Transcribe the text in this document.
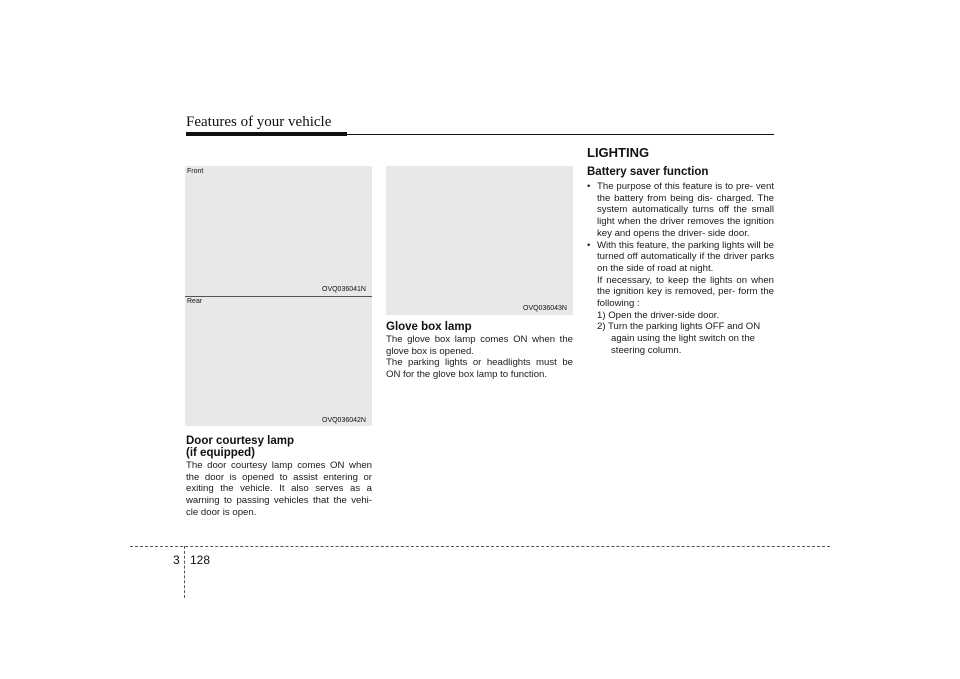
Features of your vehicle
Front
OVQ036041N
Rear
OVQ036042N
Door courtesy lamp
(if equipped)

The door courtesy lamp comes ON when the door is opened to assist entering or exiting the vehicle. It also serves as a warning to passing vehicles that the vehi- cle door is open.

OVQ036043N
Glove box lamp

The glove box lamp comes ON when the glove box is opened.

The parking lights or headlights must be ON for the glove box lamp to function.

LIGHTING
Battery saver function
• The purpose of this feature is to pre- vent the battery from being dis- charged. The system automatically turns off the small light when the driver removes the ignition key and opens the driver- side door.
• With this feature, the parking lights will be turned off automatically if the driver parks on the side of road at night.
If necessary, to keep the lights on when the ignition key is removed, per- form the following :
1) Open the driver-side door.
2) Turn the parking lights OFF and ON again using the light switch on the steering column.
3 128
